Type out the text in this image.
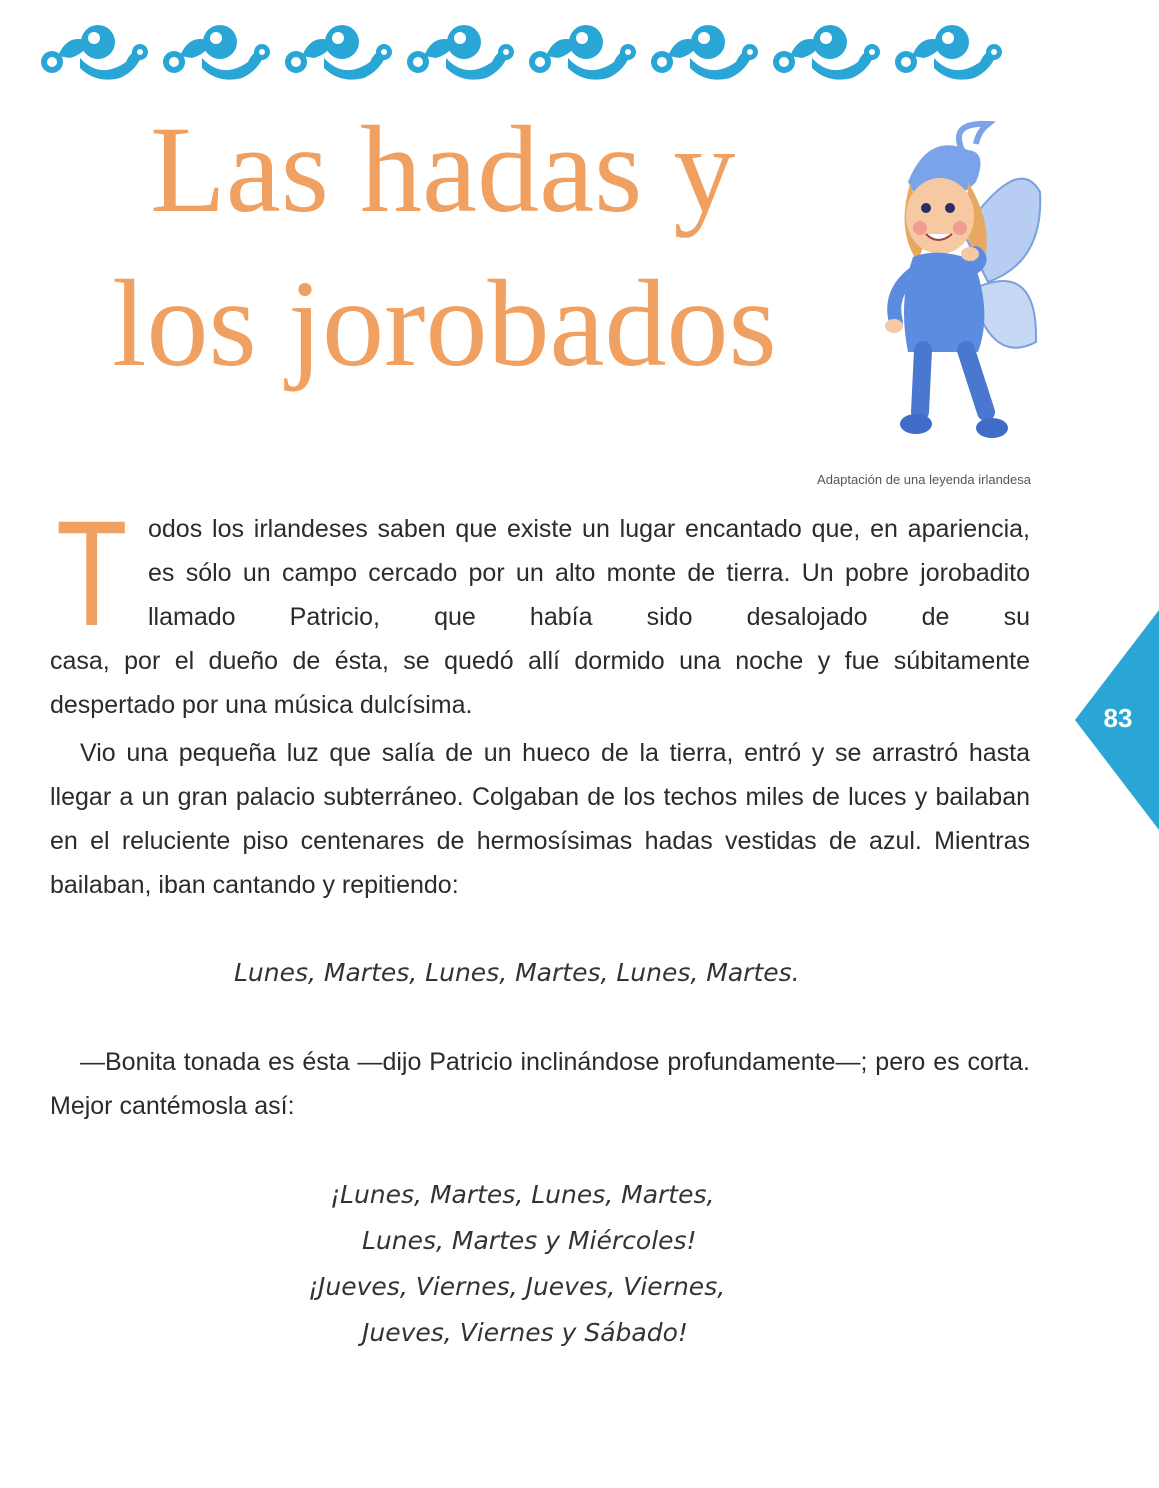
Las hadas y
los jorobados

Adaptación de una leyenda irlandesa

T odos los irlandeses saben que existe un lugar encantado que, en apariencia, es sólo un campo cercado por un alto monte de tierra. Un pobre jorobadito llamado Patricio, que había sido desalojado de su

casa, por el dueño de ésta, se quedó allí dormido una noche y fue súbitamente despertado por una música dulcísima.

Vio una pequeña luz que salía de un hueco de la tierra, entró y se arrastró hasta llegar a un gran palacio subterráneo. Colgaban de los techos miles de luces y bailaban en el reluciente piso centenares de hermosísimas hadas vestidas de azul. Mientras bailaban, iban cantando y repitiendo:

Lunes, Martes, Lunes, Martes, Lunes, Martes.

—Bonita tonada es ésta —dijo Patricio inclinándose profundamente—; pero es corta. Mejor cantémosla así:

¡Lunes, Martes, Lunes, Martes,
Lunes, Martes y Miércoles!
¡Jueves, Viernes, Jueves, Viernes,
Jueves, Viernes y Sábado!

83
